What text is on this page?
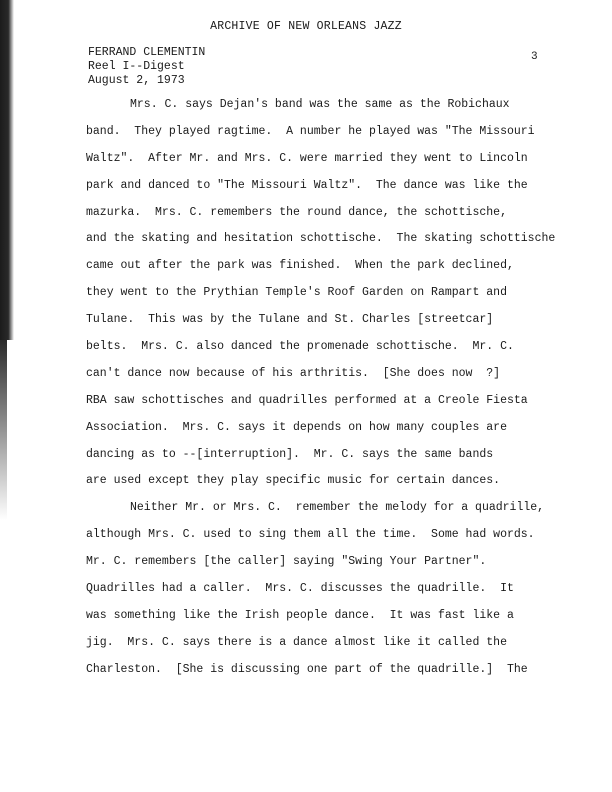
ARCHIVE OF NEW ORLEANS JAZZ
FERRAND CLEMENTIN
Reel I--Digest
August 2, 1973
3
Mrs. C. says Dejan's band was the same as the Robichaux
band.  They played ragtime.  A number he played was "The Missouri
Waltz".  After Mr. and Mrs. C. were married they went to Lincoln
park and danced to "The Missouri Waltz".  The dance was like the
mazurka.  Mrs. C. remembers the round dance, the schottische,
and the skating and hesitation schottische.  The skating schottische
came out after the park was finished.  When the park declined,
they went to the Prythian Temple's Roof Garden on Rampart and
Tulane.  This was by the Tulane and St. Charles [streetcar]
belts.  Mrs. C. also danced the promenade schottische.  Mr. C.
can't dance now because of his arthritis.  [She does now  ?]
RBA saw schottisches and quadrilles performed at a Creole Fiesta
Association.  Mrs. C. says it depends on how many couples are
dancing as to --[interruption].  Mr. C. says the same bands
are used except they play specific music for certain dances.
Neither Mr. or Mrs. C.  remember the melody for a quadrille,
although Mrs. C. used to sing them all the time.  Some had words.
Mr. C. remembers [the caller] saying "Swing Your Partner".
Quadrilles had a caller.  Mrs. C. discusses the quadrille.  It
was something like the Irish people dance.  It was fast like a
jig.  Mrs. C. says there is a dance almost like it called the
Charleston.  [She is discussing one part of the quadrille.]  The
